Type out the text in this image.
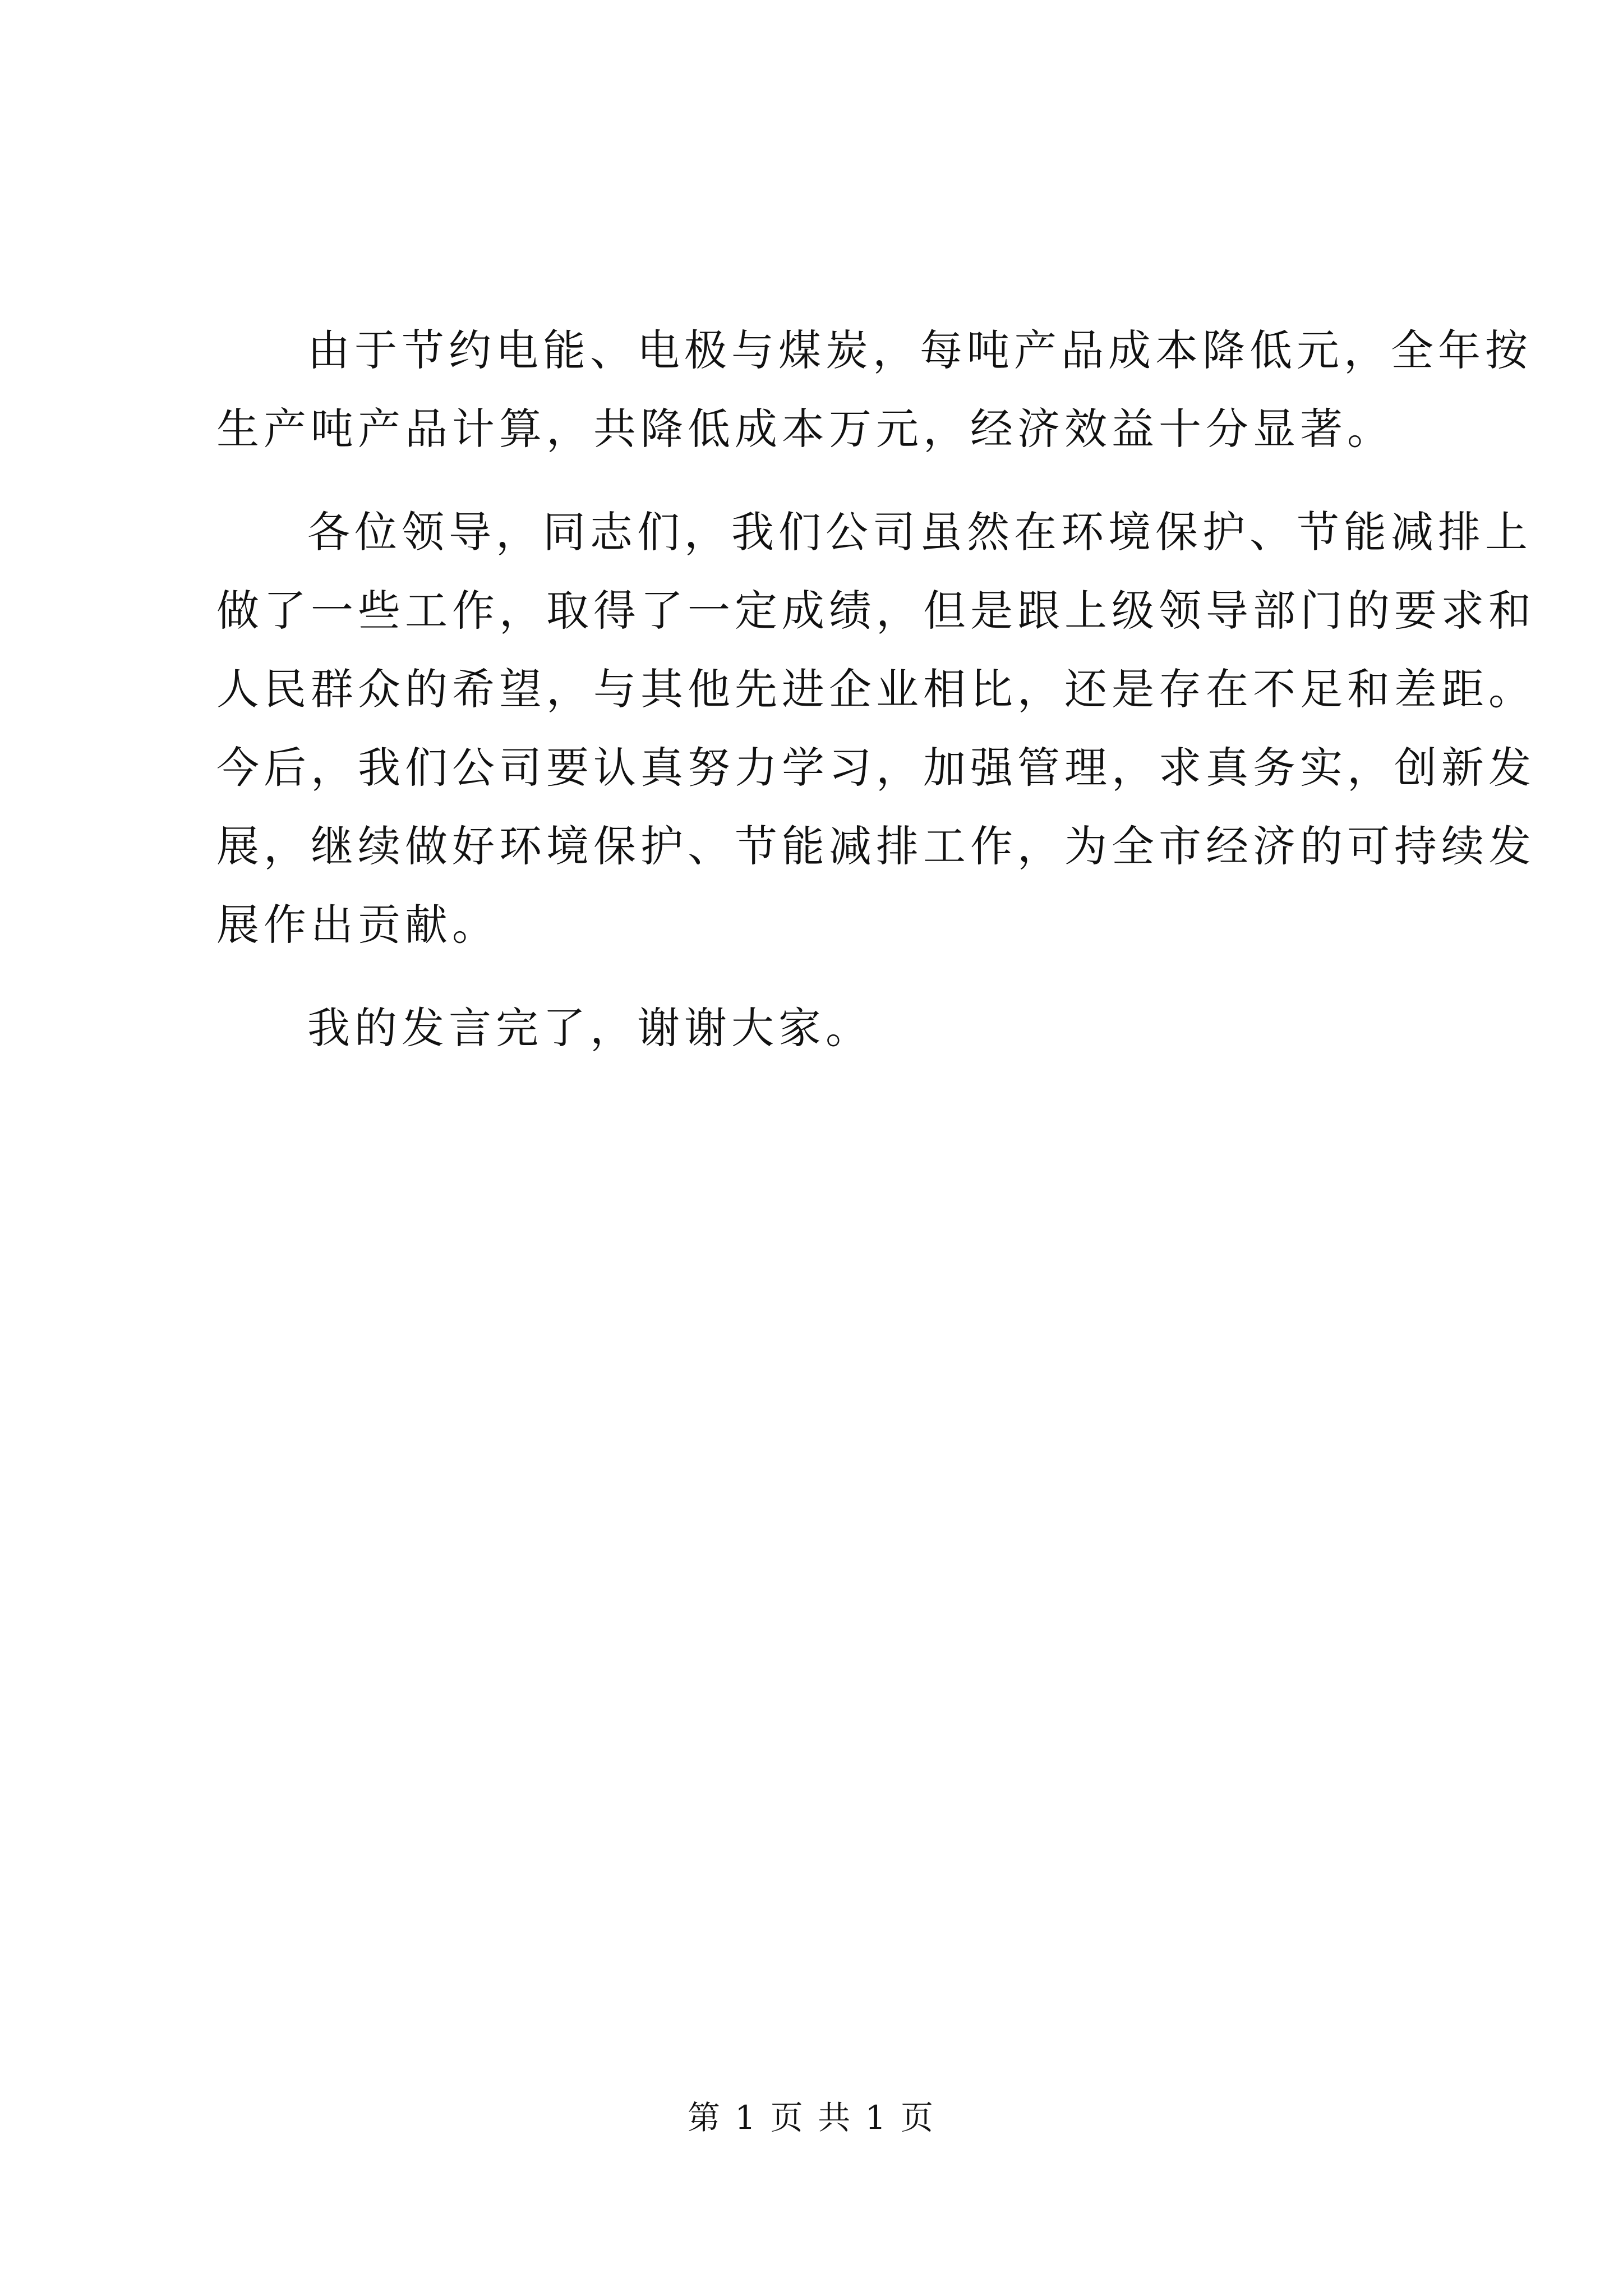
由于节约电能、电极与煤炭，每吨产品成本降低元，全年按
生产吨产品计算，共降低成本万元，经济效益十分显著。

各位领导，同志们，我们公司虽然在环境保护、节能减排上
做了一些工作，取得了一定成绩，但是跟上级领导部门的要求和
人民群众的希望，与其他先进企业相比，还是存在不足和差距。
今后，我们公司要认真努力学习，加强管理，求真务实，创新发
展，继续做好环境保护、节能减排工作，为全市经济的可持续发
展作出贡献。

我的发言完了，谢谢大家。

第 1 页 共 1 页
